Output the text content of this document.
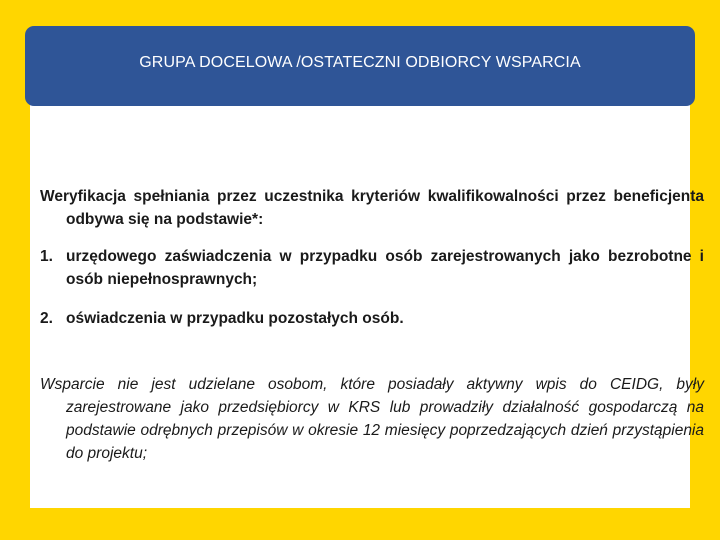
GRUPA DOCELOWA /OSTATECZNI ODBIORCY WSPARCIA

Weryfikacja spełniania przez uczestnika kryteriów kwalifikowalności przez beneficjenta odbywa się na podstawie*:

1. urzędowego zaświadczenia w przypadku osób zarejestrowanych jako bezrobotne i osób niepełnosprawnych;

2. oświadczenia w przypadku pozostałych osób.

Wsparcie nie jest udzielane osobom, które posiadały aktywny wpis do CEIDG, były zarejestrowane jako przedsiębiorcy w KRS lub prowadziły działalność gospodarczą na podstawie odrębnych przepisów w okresie 12 miesięcy poprzedzających dzień przystąpienia do projektu;
